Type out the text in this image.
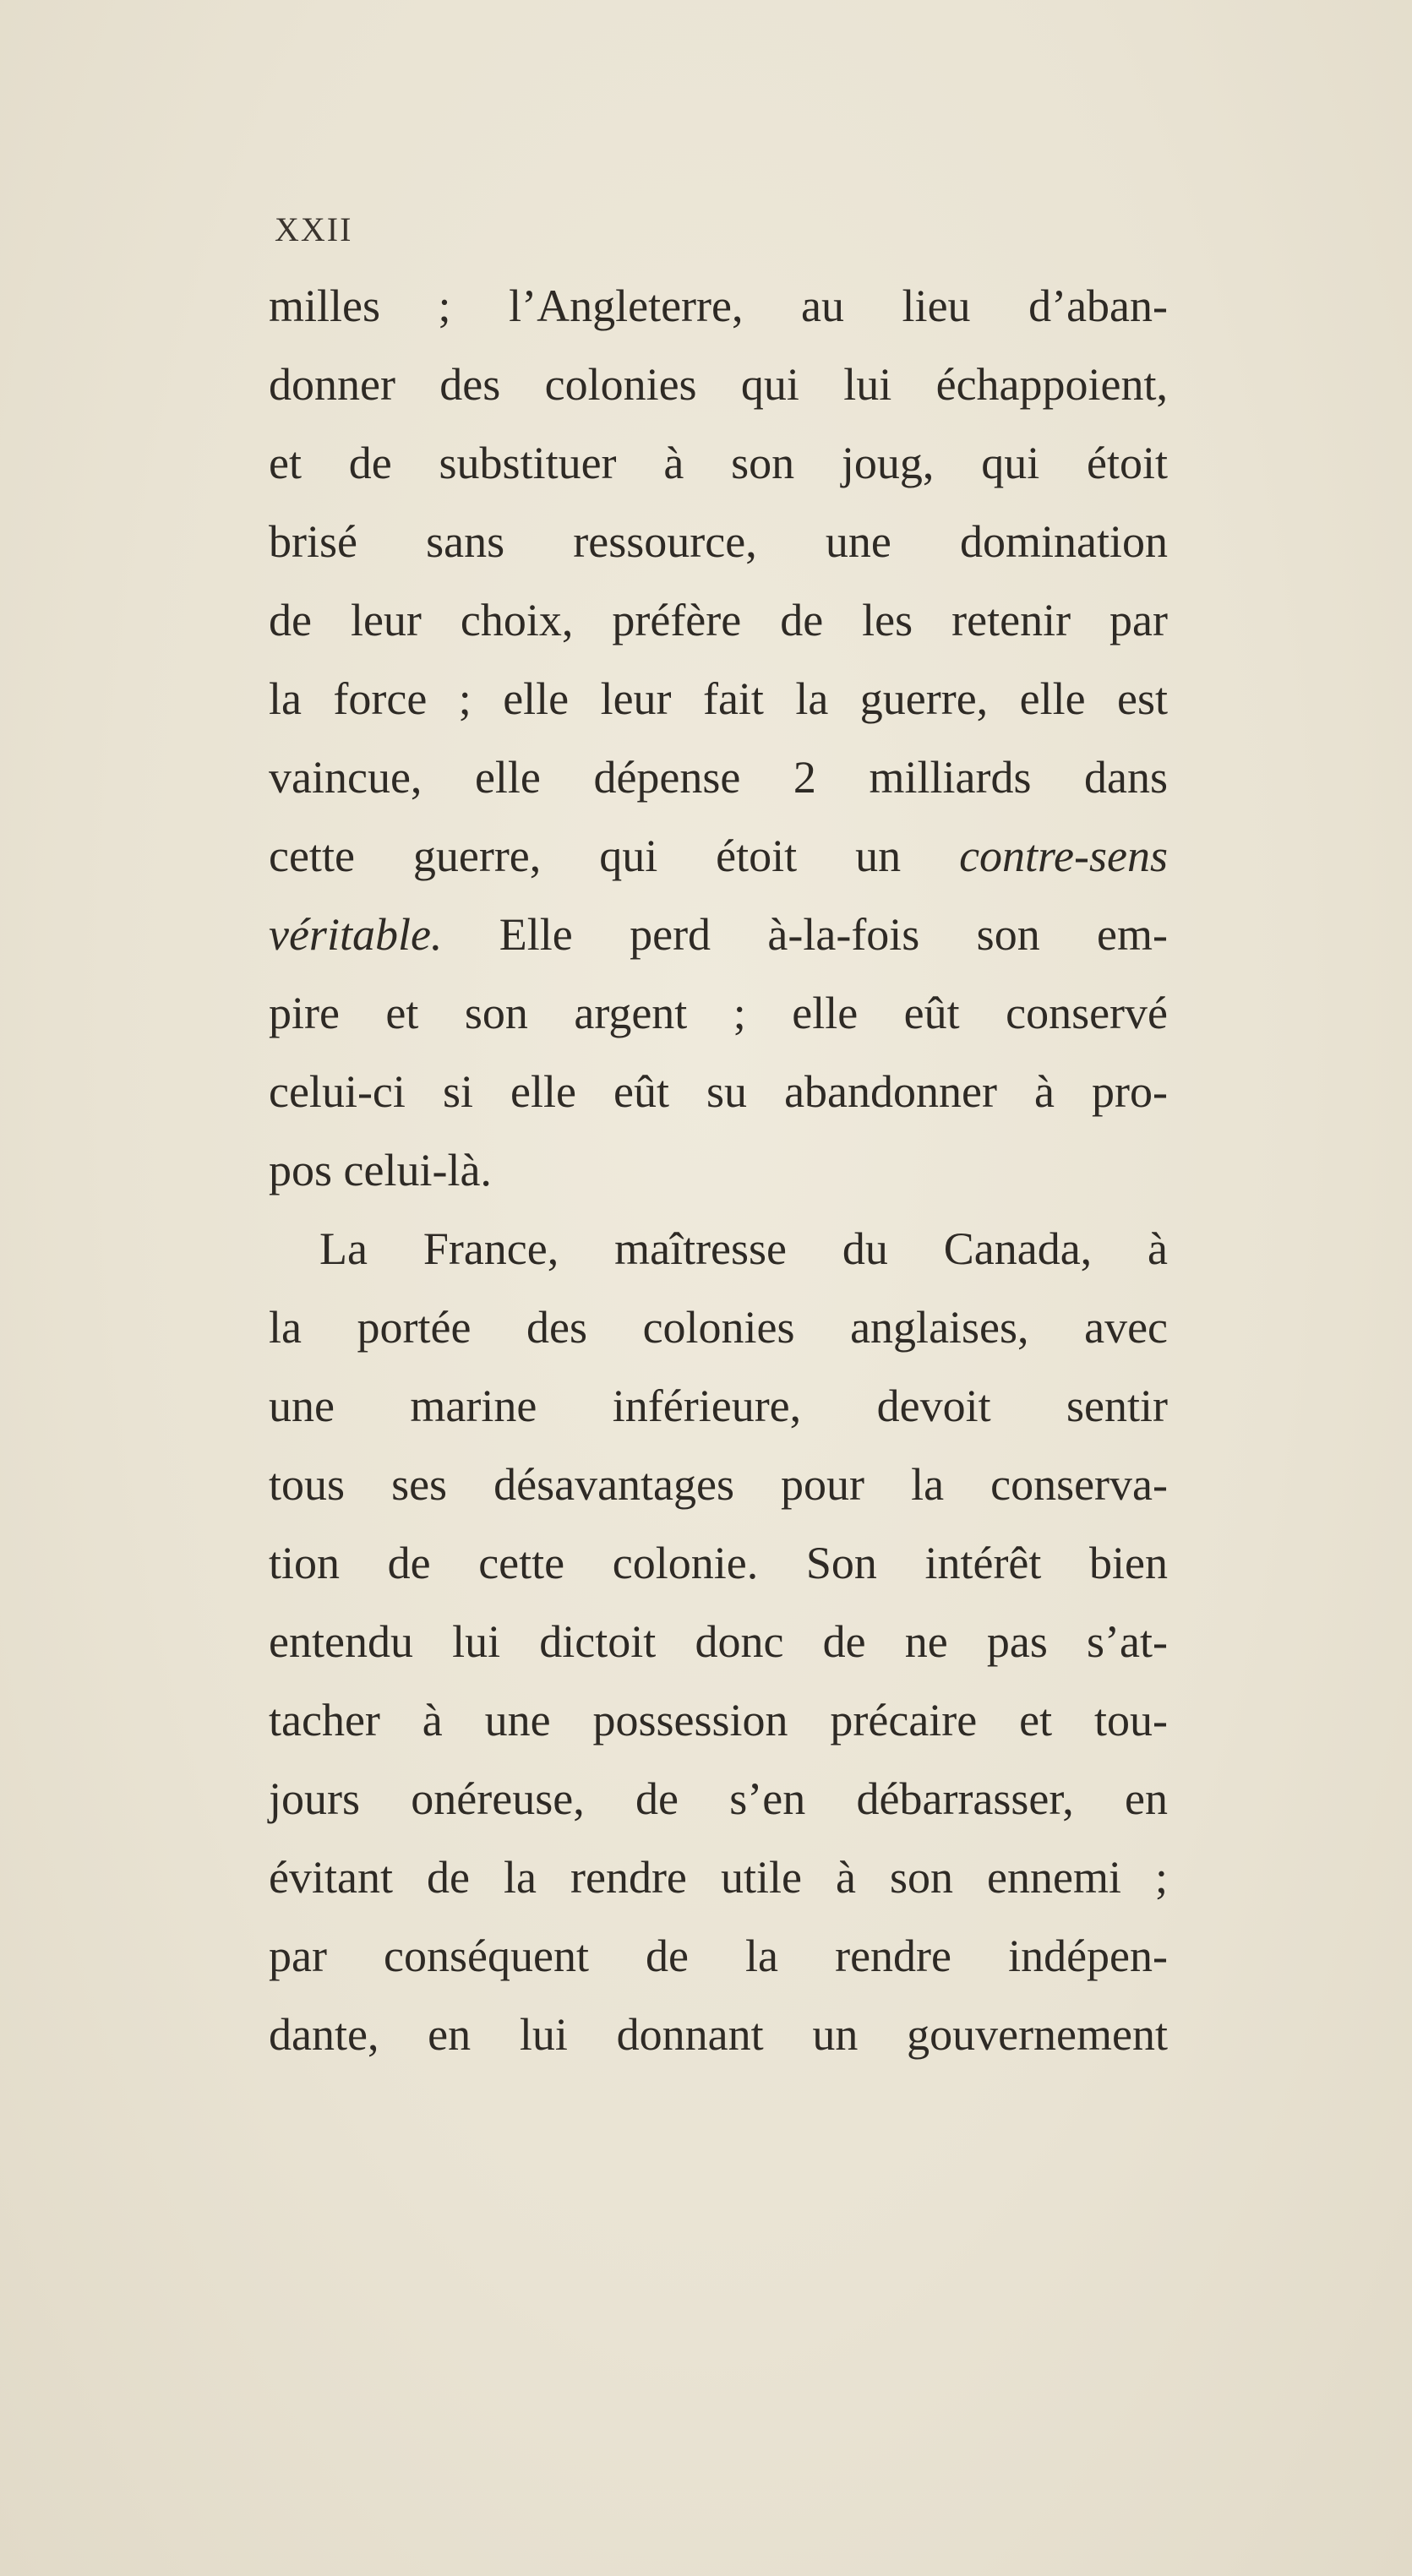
XXII
milles ; l’Angleterre, au lieu d’aban-
donner des colonies qui lui échappoient,
et de substituer à son joug, qui étoit
brisé sans ressource, une domination
de leur choix, préfère de les retenir par
la force ; elle leur fait la guerre, elle est
vaincue, elle dépense 2 milliards dans
cette guerre, qui étoit un contre-sens
véritable. Elle perd à-la-fois son em-
pire et son argent ; elle eût conservé
celui-ci si elle eût su abandonner à pro-
pos celui-là.
La France, maîtresse du Canada, à
la portée des colonies anglaises, avec
une marine inférieure, devoit sentir
tous ses désavantages pour la conserva-
tion de cette colonie. Son intérêt bien
entendu lui dictoit donc de ne pas s’at-
tacher à une possession précaire et tou-
jours onéreuse, de s’en débarrasser, en
évitant de la rendre utile à son ennemi ;
par conséquent de la rendre indépen-
dante, en lui donnant un gouvernement
